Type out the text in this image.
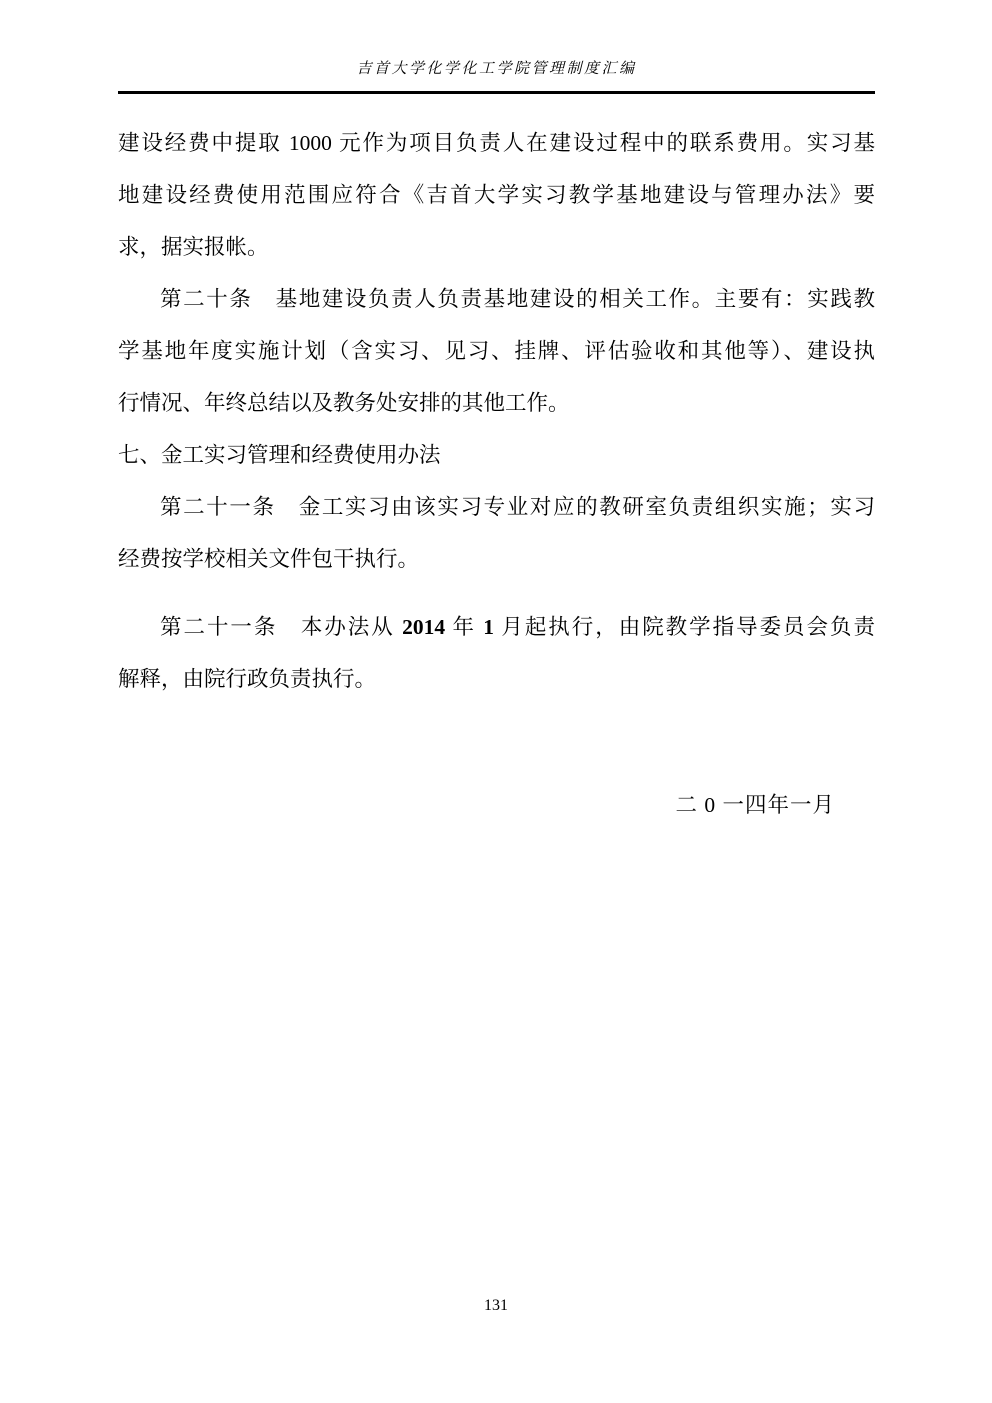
吉首大学化学化工学院管理制度汇编
建设经费中提取 1000 元作为项目负责人在建设过程中的联系费用。实习基
地建设经费使用范围应符合《吉首大学实习教学基地建设与管理办法》要
求，据实报帐。
第二十条　基地建设负责人负责基地建设的相关工作。主要有：实践教
学基地年度实施计划（含实习、见习、挂牌、评估验收和其他等）、建设执
行情况、年终总结以及教务处安排的其他工作。
七、金工实习管理和经费使用办法
第二十一条　金工实习由该实习专业对应的教研室负责组织实施；实习
经费按学校相关文件包干执行。
第二十一条　本办法从 2014 年 1 月起执行，由院教学指导委员会负责
解释，由院行政负责执行。
二 0 一四年一月
131
